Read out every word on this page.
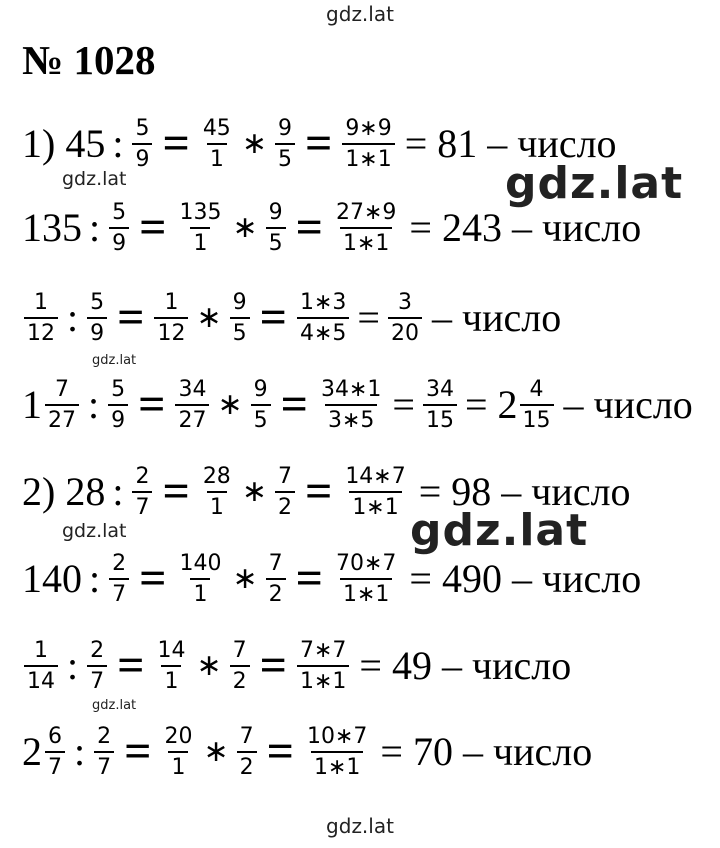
gdz.lat
№ 1028
1) 45 : $\frac{5}{9} = \frac{45}{1}$ ∗ $\frac{9}{5} = \frac{9∗9}{1∗1} = 81$ – число
gdz.lat	gdz.lat
135 : $\frac{5}{9} = \frac{135}{1}$ ∗ $\frac{9}{5} = \frac{27∗9}{1∗1} = 243$ – число
$\frac{1}{12}$ : $\frac{5}{9} = \frac{1}{12}$ ∗ $\frac{9}{5} = \frac{1∗3}{4∗5} = \frac{3}{20}$ – число
gdz.lat
$1 \frac{7}{27}$ : $\frac{5}{9} = \frac{34}{27}$ ∗ $\frac{9}{5} = \frac{34∗1}{3∗5} = \frac{34}{15} = 2 \frac{4}{15}$ – число
2) 28 : $\frac{2}{7} = \frac{28}{1}$ ∗ $\frac{7}{2} = \frac{14∗7}{1∗1} = 98$ – число
gdz.lat	gdz.lat
140 : $\frac{2}{7} = \frac{140}{1}$ ∗ $\frac{7}{2} = \frac{70∗7}{1∗1} = 490$ – число
$\frac{1}{14}$ : $\frac{2}{7} = \frac{14}{1}$ ∗ $\frac{7}{2} = \frac{7∗7}{1∗1} = 49$ – число
gdz.lat
$2 \frac{6}{7}$ : $\frac{2}{7} = \frac{20}{1}$ ∗ $\frac{7}{2} = \frac{10∗7}{1∗1} = 70$ – число
gdz.lat
